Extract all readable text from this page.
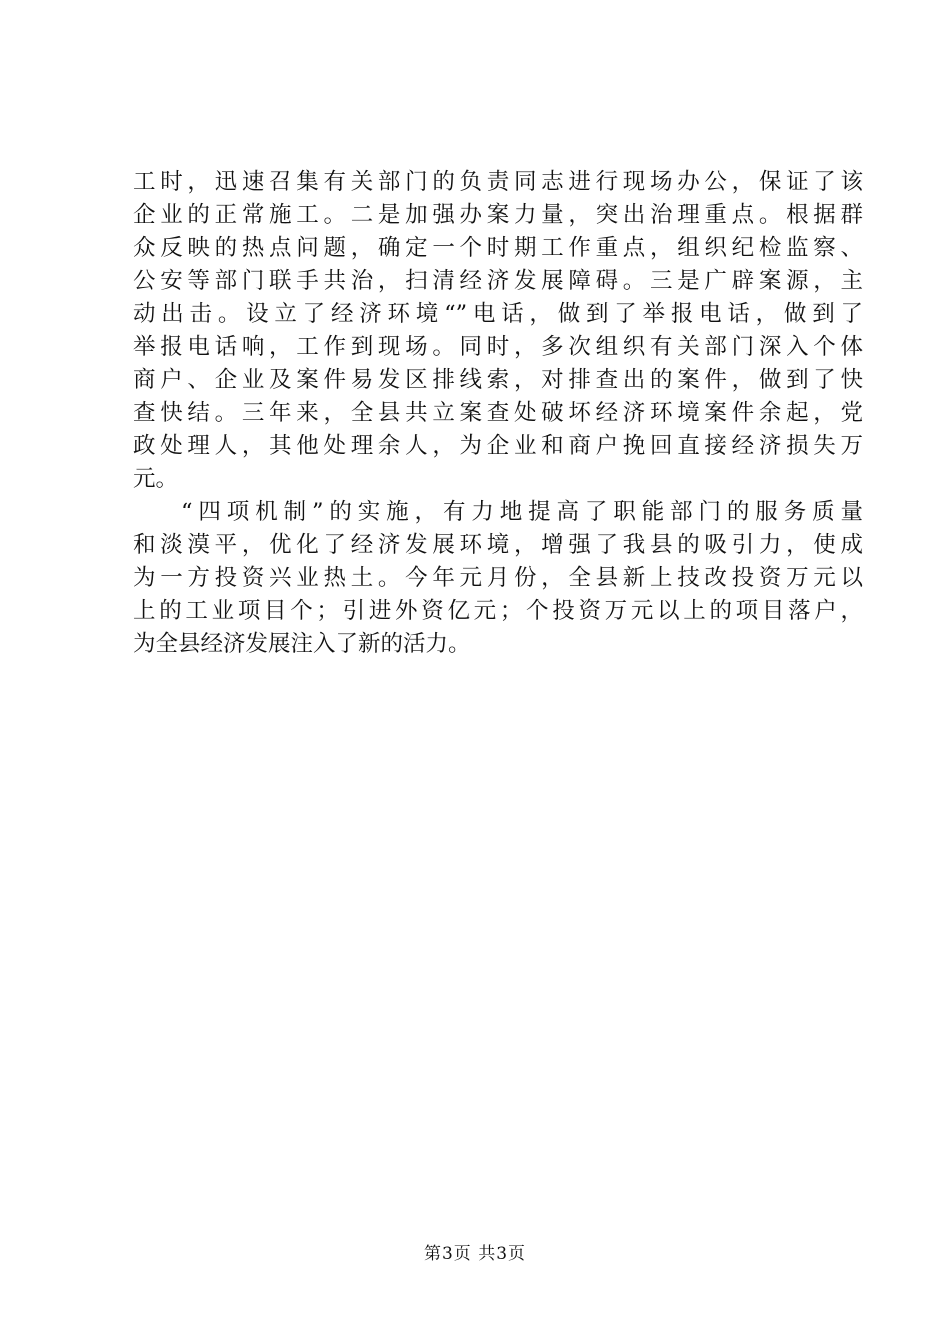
工时，迅速召集有关部门的负责同志进行现场办公，保证了该
企业的正常施工。二是加强办案力量，突出治理重点。根据群
众反映的热点问题，确定一个时期工作重点，组织纪检监察、
公安等部门联手共治，扫清经济发展障碍。三是广辟案源，主
动出击。设立了经济环境“”电话，做到了举报电话，做到了
举报电话响，工作到现场。同时，多次组织有关部门深入个体
商户、企业及案件易发区排线索，对排查出的案件，做到了快
查快结。三年来，全县共立案查处破坏经济环境案件余起，党
政处理人，其他处理余人，为企业和商户挽回直接经济损失万
元。
“四项机制”的实施，有力地提高了职能部门的服务质量
和淡漠平，优化了经济发展环境，增强了我县的吸引力，使成
为一方投资兴业热土。今年元月份，全县新上技改投资万元以
上的工业项目个；引进外资亿元；个投资万元以上的项目落户，
为全县经济发展注入了新的活力。
第3页 共3页
